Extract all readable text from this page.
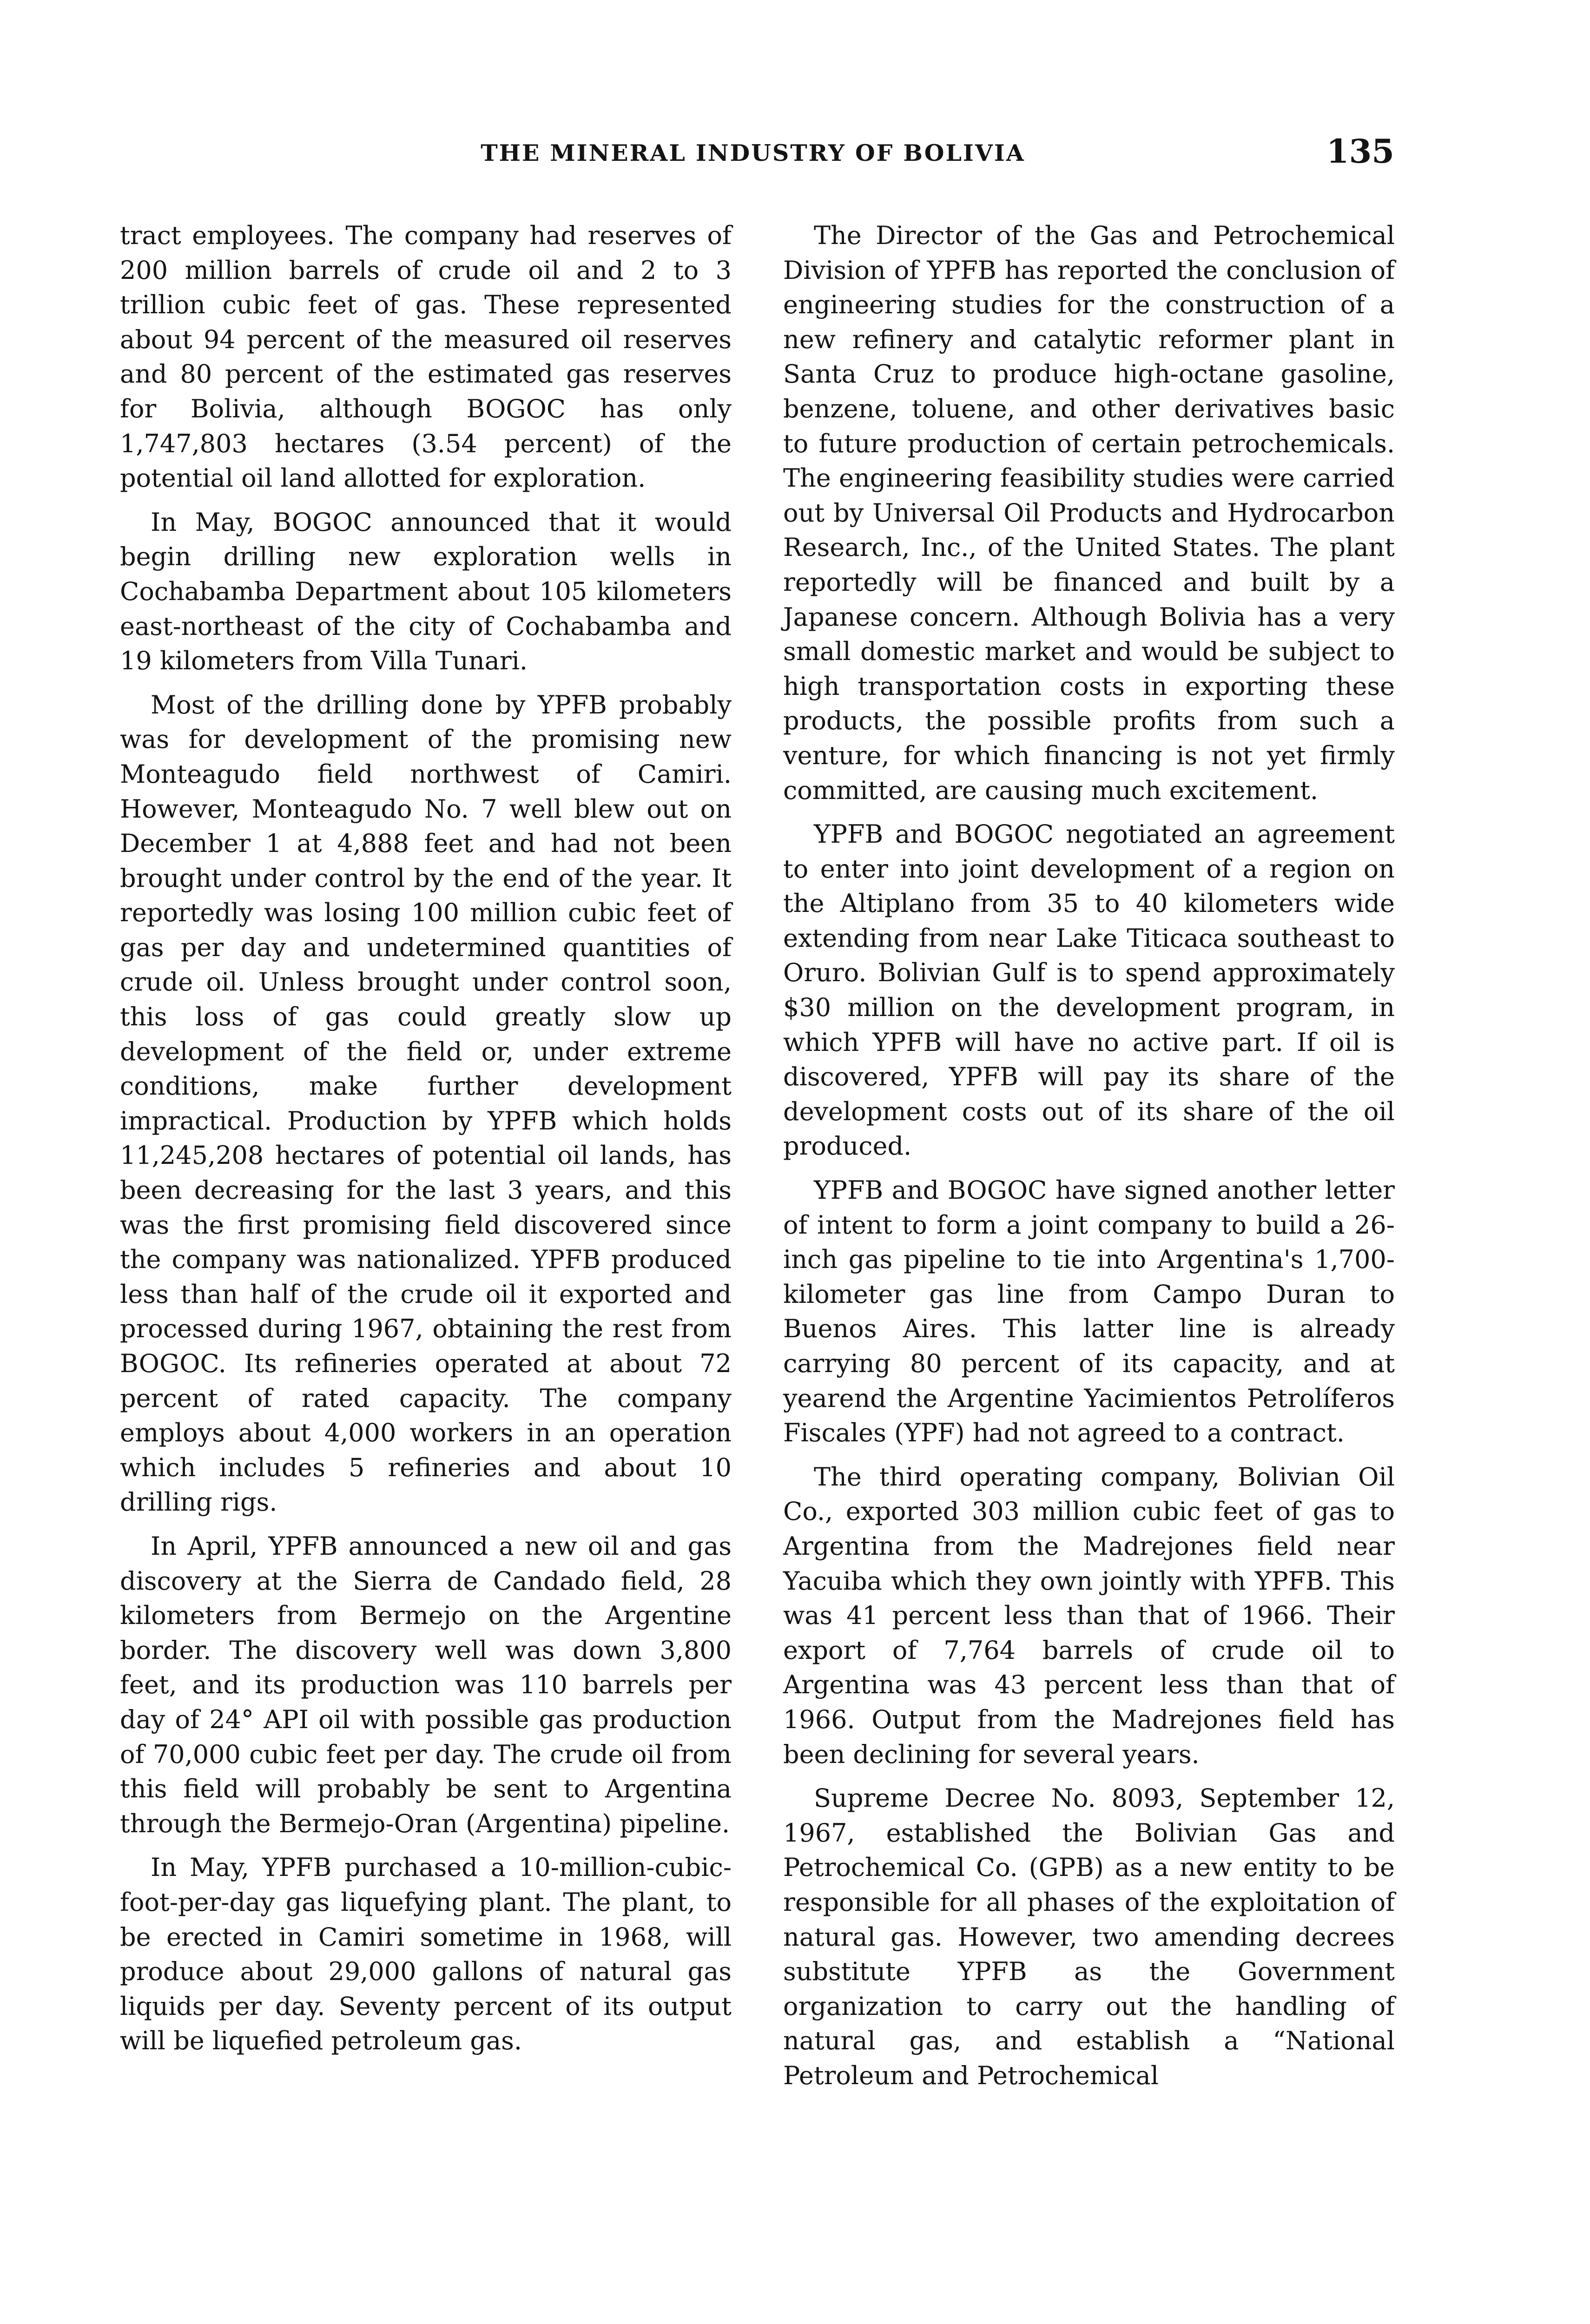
THE MINERAL INDUSTRY OF BOLIVIA	135

tract employees. The company had reserves of 200 million barrels of crude oil and 2 to 3 trillion cubic feet of gas. These represented about 94 percent of the measured oil reserves and 80 percent of the estimated gas reserves for Bolivia, although BOGOC has only 1,747,803 hectares (3.54 percent) of the potential oil land allotted for exploration.

In May, BOGOC announced that it would begin drilling new exploration wells in Cochabamba Department about 105 kilometers east-northeast of the city of Cochabamba and 19 kilometers from Villa Tunari.

Most of the drilling done by YPFB probably was for development of the promising new Monteagudo field northwest of Camiri. However, Monteagudo No. 7 well blew out on December 1 at 4,888 feet and had not been brought under control by the end of the year. It reportedly was losing 100 million cubic feet of gas per day and undetermined quantities of crude oil. Unless brought under control soon, this loss of gas could greatly slow up development of the field or, under extreme conditions, make further development impractical. Production by YPFB which holds 11,245,208 hectares of potential oil lands, has been decreasing for the last 3 years, and this was the first promising field discovered since the company was nationalized. YPFB produced less than half of the crude oil it exported and processed during 1967, obtaining the rest from BOGOC. Its refineries operated at about 72 percent of rated capacity. The company employs about 4,000 workers in an operation which includes 5 refineries and about 10 drilling rigs.

In April, YPFB announced a new oil and gas discovery at the Sierra de Candado field, 28 kilometers from Bermejo on the Argentine border. The discovery well was down 3,800 feet, and its production was 110 barrels per day of 24° API oil with possible gas production of 70,000 cubic feet per day. The crude oil from this field will probably be sent to Argentina through the Bermejo-Oran (Argentina) pipeline.

In May, YPFB purchased a 10-million-cubic-foot-per-day gas liquefying plant. The plant, to be erected in Camiri sometime in 1968, will produce about 29,000 gallons of natural gas liquids per day. Seventy percent of its output will be liquefied petroleum gas.

The Director of the Gas and Petrochemical Division of YPFB has reported the conclusion of engineering studies for the construction of a new refinery and catalytic reformer plant in Santa Cruz to produce high-octane gasoline, benzene, toluene, and other derivatives basic to future production of certain petrochemicals. The engineering feasibility studies were carried out by Universal Oil Products and Hydrocarbon Research, Inc., of the United States. The plant reportedly will be financed and built by a Japanese concern. Although Bolivia has a very small domestic market and would be subject to high transportation costs in exporting these products, the possible profits from such a venture, for which financing is not yet firmly committed, are causing much excitement.

YPFB and BOGOC negotiated an agreement to enter into joint development of a region on the Altiplano from 35 to 40 kilometers wide extending from near Lake Titicaca southeast to Oruro. Bolivian Gulf is to spend approximately $30 million on the development program, in which YPFB will have no active part. If oil is discovered, YPFB will pay its share of the development costs out of its share of the oil produced.

YPFB and BOGOC have signed another letter of intent to form a joint company to build a 26-inch gas pipeline to tie into Argentina's 1,700-kilometer gas line from Campo Duran to Buenos Aires. This latter line is already carrying 80 percent of its capacity, and at yearend the Argentine Yacimientos Petrolíferos Fiscales (YPF) had not agreed to a contract.

The third operating company, Bolivian Oil Co., exported 303 million cubic feet of gas to Argentina from the Madrejones field near Yacuiba which they own jointly with YPFB. This was 41 percent less than that of 1966. Their export of 7,764 barrels of crude oil to Argentina was 43 percent less than that of 1966. Output from the Madrejones field has been declining for several years.

Supreme Decree No. 8093, September 12, 1967, established the Bolivian Gas and Petrochemical Co. (GPB) as a new entity to be responsible for all phases of the exploitation of natural gas. However, two amending decrees substitute YPFB as the Government organization to carry out the handling of natural gas, and establish a “National Petroleum and Petrochemical
